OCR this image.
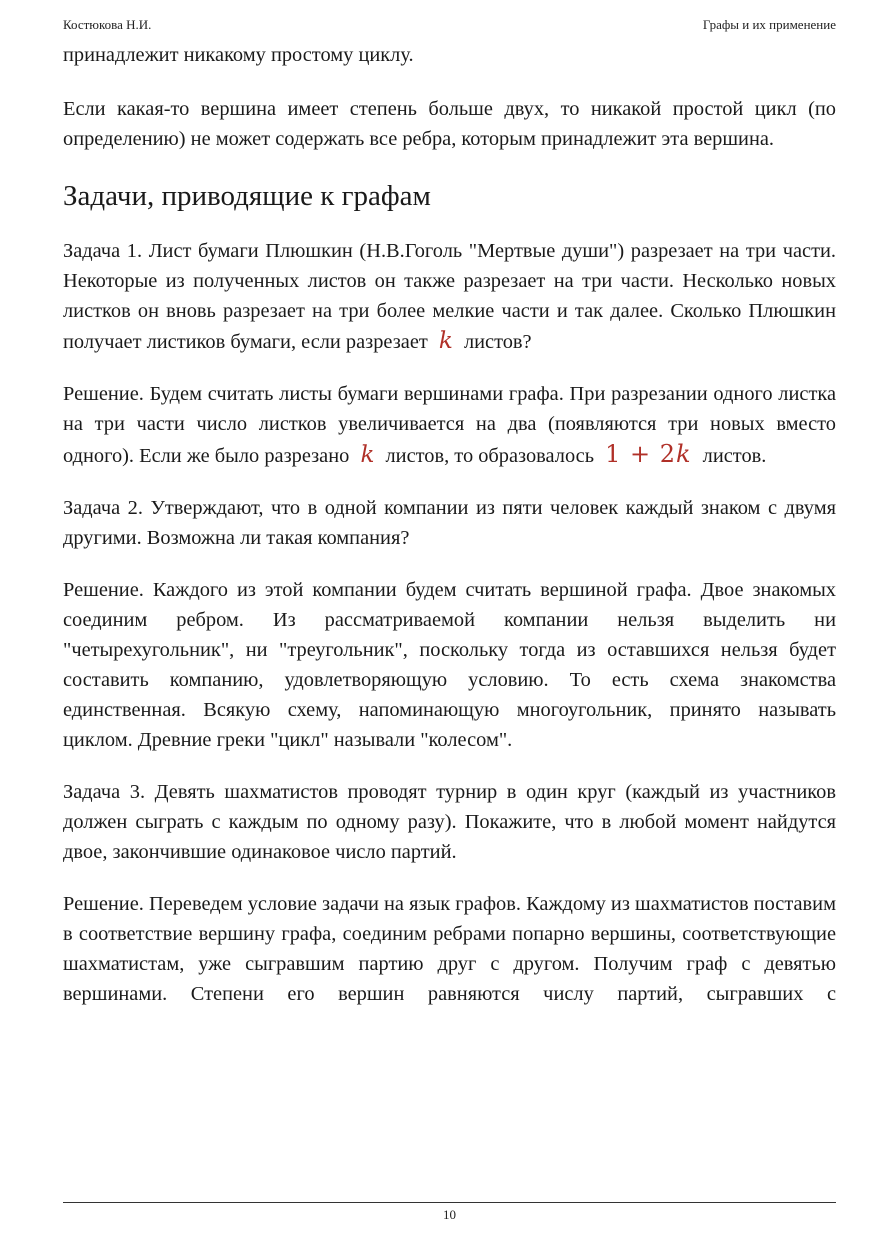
Костюкова Н.И.	Графы и их применение

принадлежит никакому простому циклу.

Если какая-то вершина имеет степень больше двух, то никакой простой цикл (по определению) не может содержать все ребра, которым принадлежит эта вершина.

Задачи, приводящие к графам

Задача 1. Лист бумаги Плюшкин (Н.В.Гоголь "Мертвые души") разрезает на три части. Некоторые из полученных листов он также разрезает на три части. Несколько новых листков он вновь разрезает на три более мелкие части и так далее. Сколько Плюшкин получает листиков бумаги, если разрезает k листов?

Решение. Будем считать листы бумаги вершинами графа. При разрезании одного листка на три части число листков увеличивается на два (появляются три новых вместо одного). Если же было разрезано k листов, то образовалось 1 + 2k листов.

Задача 2. Утверждают, что в одной компании из пяти человек каждый знаком с двумя другими. Возможна ли такая компания?

Решение. Каждого из этой компании будем считать вершиной графа. Двое знакомых соединим ребром. Из рассматриваемой компании нельзя выделить ни "четырехугольник", ни "треугольник", поскольку тогда из оставшихся нельзя будет составить компанию, удовлетворяющую условию. То есть схема знакомства единственная. Всякую схему, напоминающую многоугольник, принято называть циклом. Древние греки "цикл" называли "колесом".

Задача 3. Девять шахматистов проводят турнир в один круг (каждый из участников должен сыграть с каждым по одному разу). Покажите, что в любой момент найдутся двое, закончившие одинаковое число партий.

Решение. Переведем условие задачи на язык графов. Каждому из шахматистов поставим в соответствие вершину графа, соединим ребрами попарно вершины, соответствующие шахматистам, уже сыгравшим партию друг с другом. Получим граф с девятью вершинами. Степени его вершин равняются числу партий, сыгравших с

10
